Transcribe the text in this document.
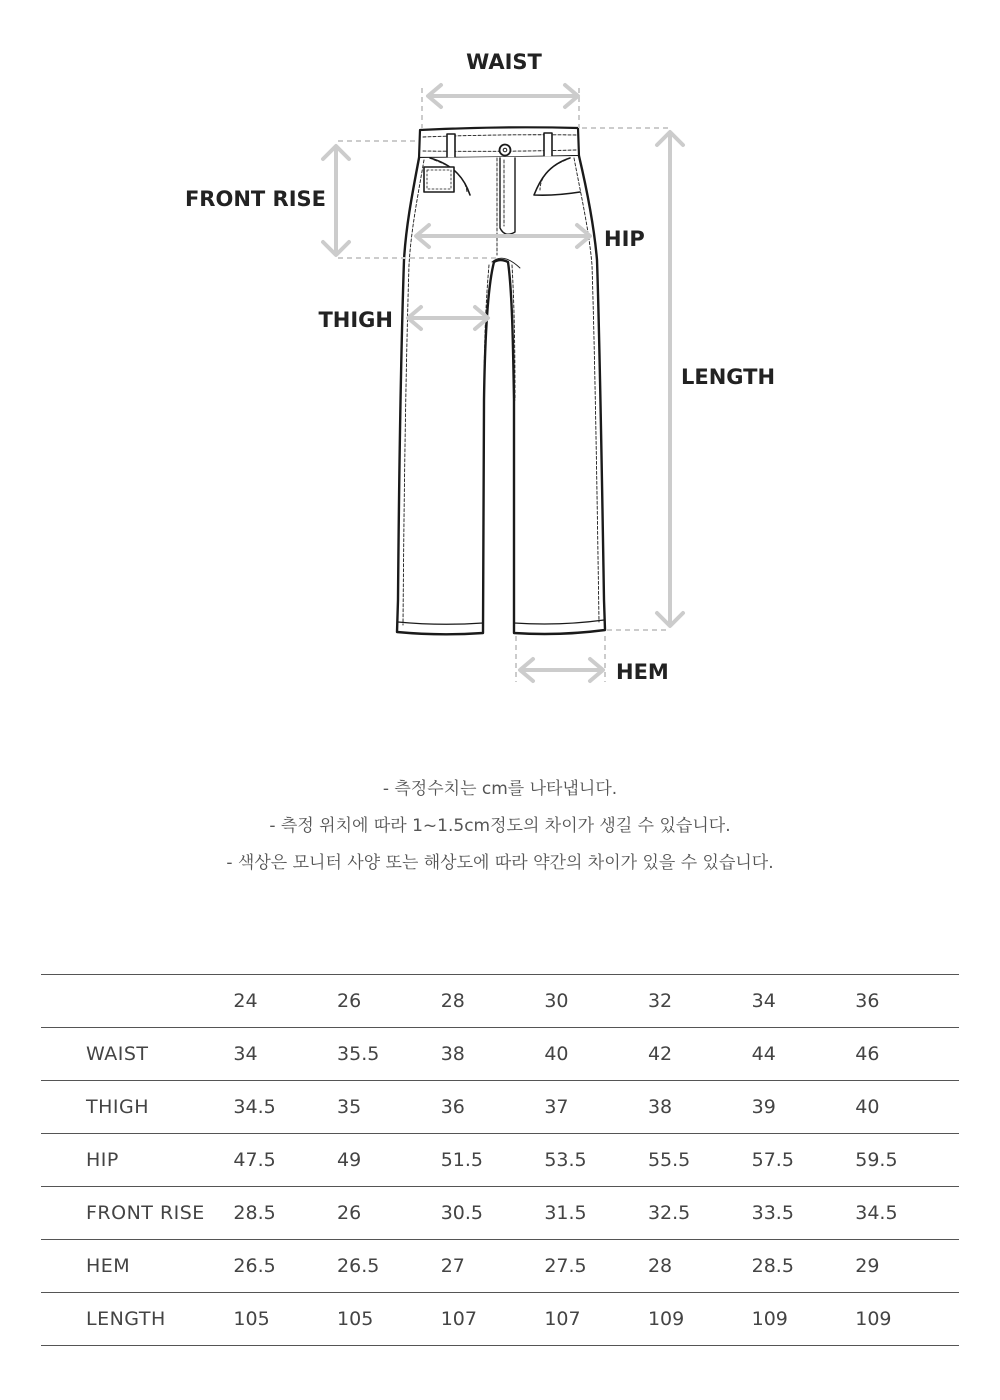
WAIST
FRONT RISE
HIP
THIGH
LENGTH
HEM
- 측정수치는 cm를 나타냅니다.
- 측정 위치에 따라 1~1.5cm정도의 차이가 생길 수 있습니다.
- 색상은 모니터 사양 또는 해상도에 따라 약간의 차이가 있을 수 있습니다.
	24	26	28	30	32	34	36
WAIST	34	35.5	38	40	42	44	46
THIGH	34.5	35	36	37	38	39	40
HIP	47.5	49	51.5	53.5	55.5	57.5	59.5
FRONT RISE	28.5	26	30.5	31.5	32.5	33.5	34.5
HEM	26.5	26.5	27	27.5	28	28.5	29
LENGTH	105	105	107	107	109	109	109
